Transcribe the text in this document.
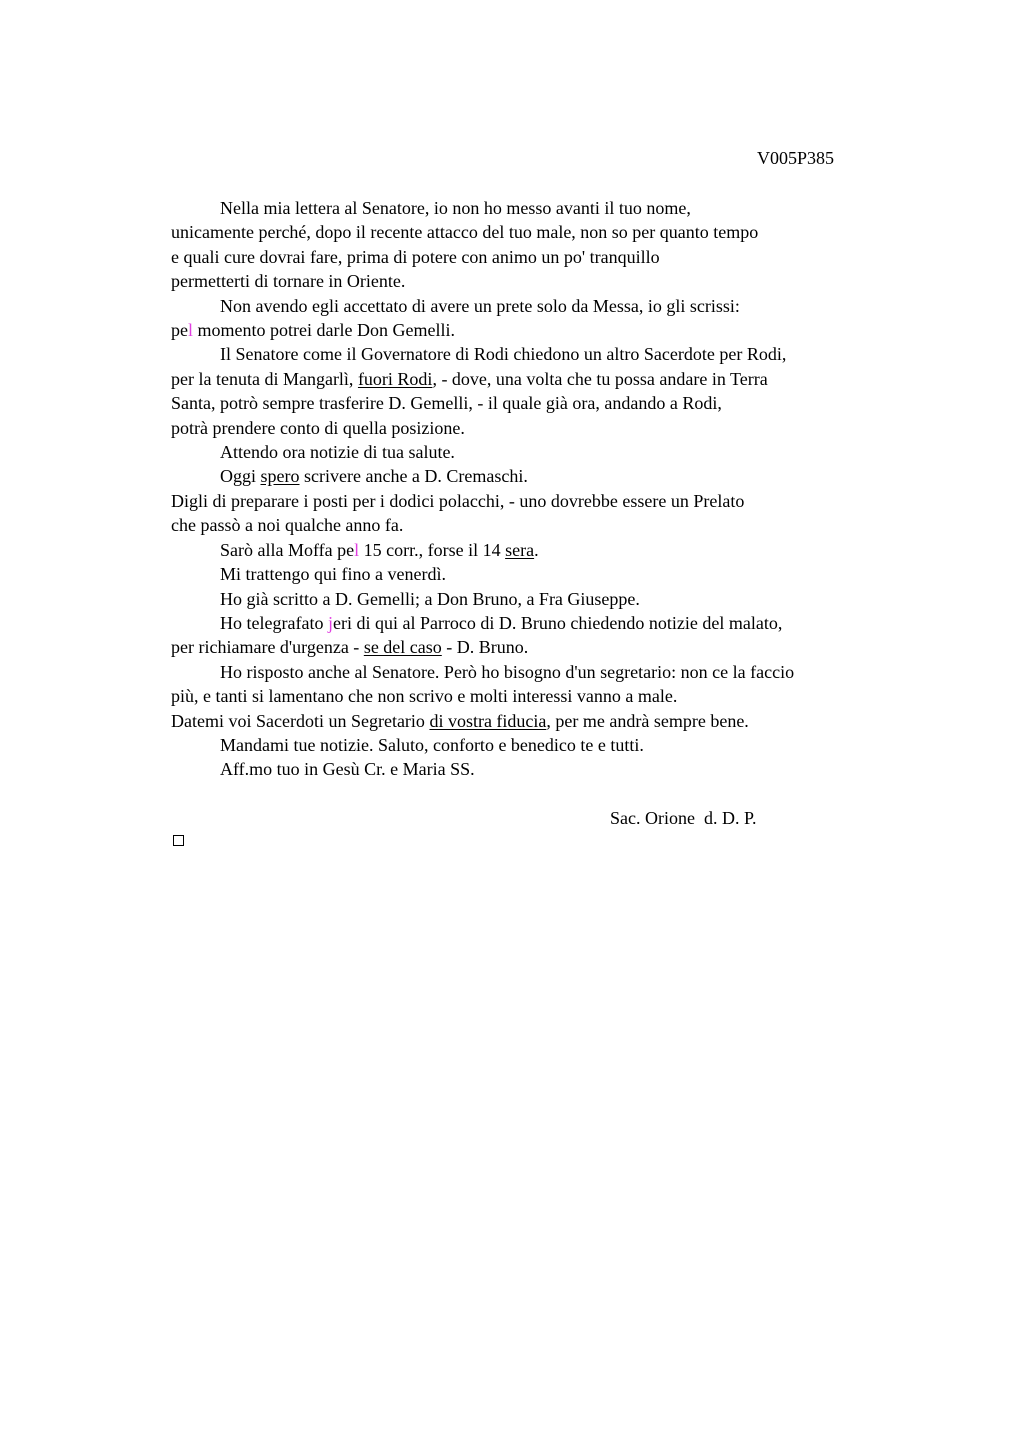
V005P385
Nella mia lettera al Senatore, io non ho messo avanti il tuo nome,
unicamente perché, dopo il recente attacco del tuo male, non so per quanto tempo
e quali cure dovrai fare, prima di potere con animo un po' tranquillo
permetterti di tornare in Oriente.
Non avendo egli accettato di avere un prete solo da Messa, io gli scrissi:
pel momento potrei darle Don Gemelli.
Il Senatore come il Governatore di Rodi chiedono un altro Sacerdote per Rodi,
per la tenuta di Mangarlì, fuori Rodi, - dove, una volta che tu possa andare in Terra
Santa, potrò sempre trasferire D. Gemelli, - il quale già ora, andando a Rodi,
potrà prendere conto di quella posizione.
Attendo ora notizie di tua salute.
Oggi spero scrivere anche a D. Cremaschi.
Digli di preparare i posti per i dodici polacchi, - uno dovrebbe essere un Prelato
che passò a noi qualche anno fa.
Sarò alla Moffa pel 15 corr., forse il 14 sera.
Mi trattengo qui fino a venerdì.
Ho già scritto a D. Gemelli; a Don Bruno, a Fra Giuseppe.
Ho telegrafato jeri di qui al Parroco di D. Bruno chiedendo notizie del malato,
per richiamare d'urgenza - se del caso - D. Bruno.
Ho risposto anche al Senatore. Però ho bisogno d'un segretario: non ce la faccio
più, e tanti si lamentano che non scrivo e molti interessi vanno a male.
Datemi voi Sacerdoti un Segretario di vostra fiducia, per me andrà sempre bene.
Mandami tue notizie. Saluto, conforto e benedico te e tutti.
Aff.mo tuo in Gesù Cr. e Maria SS.
Sac. Orione  d. D. P.
